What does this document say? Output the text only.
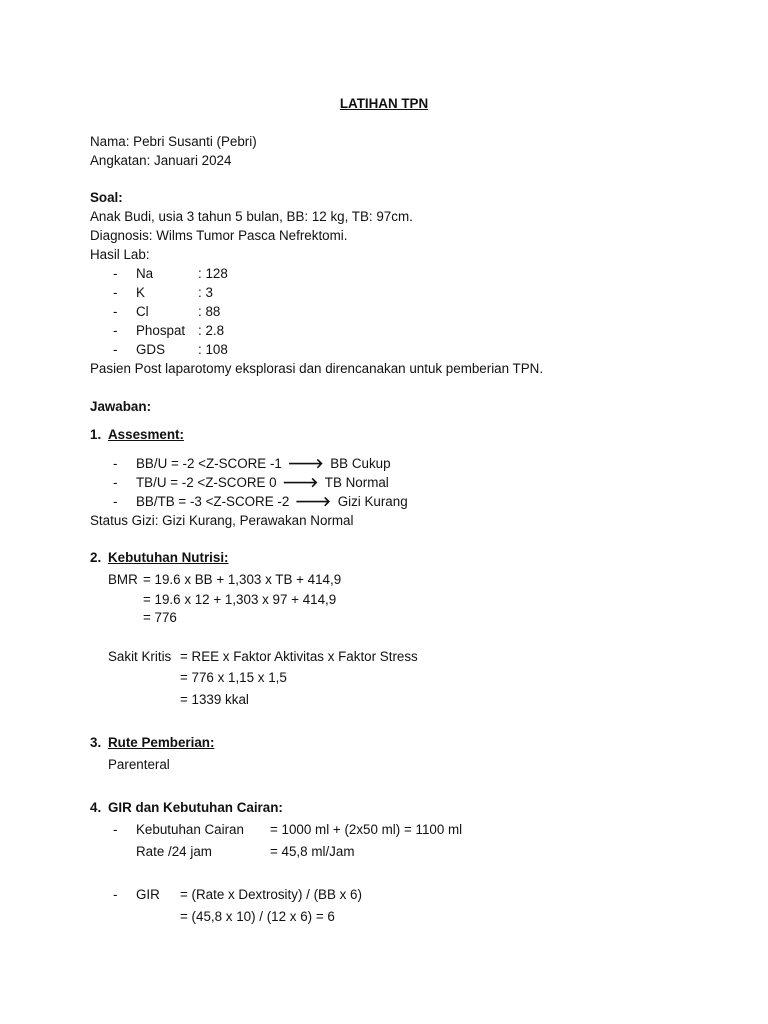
LATIHAN TPN
Nama: Pebri Susanti (Pebri)
Angkatan: Januari 2024
Soal:
Anak Budi, usia 3 tahun 5 bulan, BB: 12 kg, TB: 97cm.
Diagnosis: Wilms Tumor Pasca Nefrektomi.
Hasil Lab:
- Na	: 128
- K	: 3
- Cl	: 88
- Phospat : 2.8
- GDS : 108
Pasien Post laparotomy eksplorasi dan direncanakan untuk pemberian TPN.
Jawaban:
1. Assesment:
- BB/U = -2 <Z-SCORE -1 🡒 BB Cukup
- TB/U = -2 <Z-SCORE 0 🡒 TB Normal
- BB/TB = -3 <Z-SCORE -2 🡒 Gizi Kurang
Status Gizi: Gizi Kurang, Perawakan Normal
2. Kebutuhan Nutrisi:
BMR = 19.6 x BB + 1,303 x TB + 414,9
= 19.6 x 12 + 1,303 x 97 + 414,9
= 776
Sakit Kritis = REE x Faktor Aktivitas x Faktor Stress
= 776 x 1,15 x 1,5
= 1339 kkal
3. Rute Pemberian:
Parenteral
4. GIR dan Kebutuhan Cairan:
- Kebutuhan Cairan = 1000 ml + (2x50 ml) = 1100 ml
Rate /24 jam	= 45,8 ml/Jam
- GIR = (Rate x Dextrosity) / (BB x 6)
= (45,8 x 10) / (12 x 6) = 6
